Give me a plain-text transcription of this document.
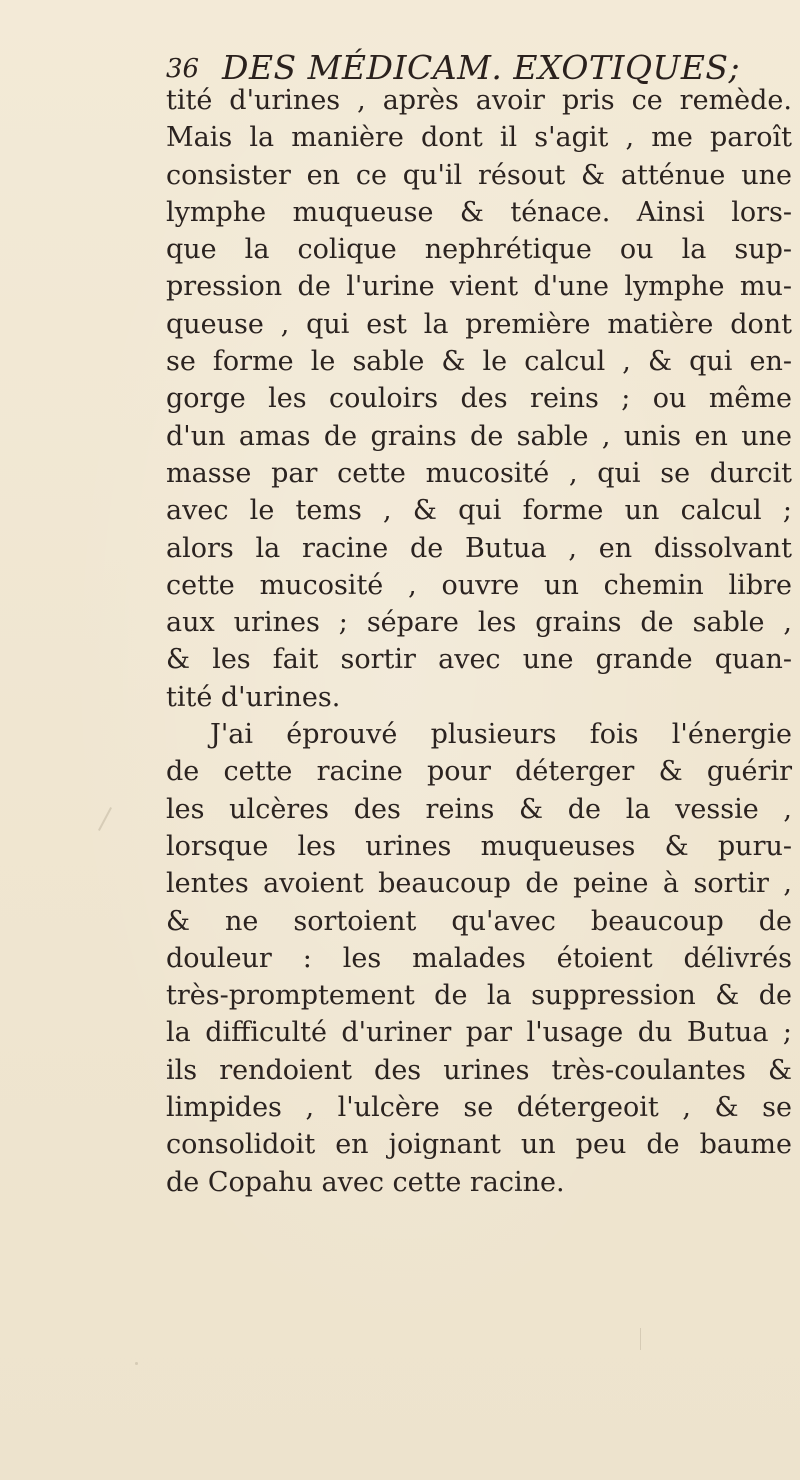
36 DES MÉDICAM. EXOTIQUES;
tité d'urines , après avoir pris ce remède.
Mais la manière dont il s'agit , me paroît
consister en ce qu'il résout & atténue une
lymphe muqueuse & ténace. Ainsi lors-
que la colique nephrétique ou la sup-
pression de l'urine vient d'une lymphe mu-
queuse , qui est la première matière dont
se forme le sable & le calcul , & qui en-
gorge les couloirs des reins ; ou même
d'un amas de grains de sable , unis en une
masse par cette mucosité , qui se durcit
avec le tems , & qui forme un calcul ;
alors la racine de Butua , en dissolvant
cette mucosité , ouvre un chemin libre
aux urines ; sépare les grains de sable ,
& les fait sortir avec une grande quan-
tité d'urines.
J'ai éprouvé plusieurs fois l'énergie
de cette racine pour déterger & guérir
les ulcères des reins & de la vessie ,
lorsque les urines muqueuses & puru-
lentes avoient beaucoup de peine à sortir ,
& ne sortoient qu'avec beaucoup de
douleur : les malades étoient délivrés
très-promptement de la suppression & de
la difficulté d'uriner par l'usage du Butua ;
ils rendoient des urines très-coulantes &
limpides , l'ulcère se détergeoit , & se
consolidoit en joignant un peu de baume
de Copahu avec cette racine.
